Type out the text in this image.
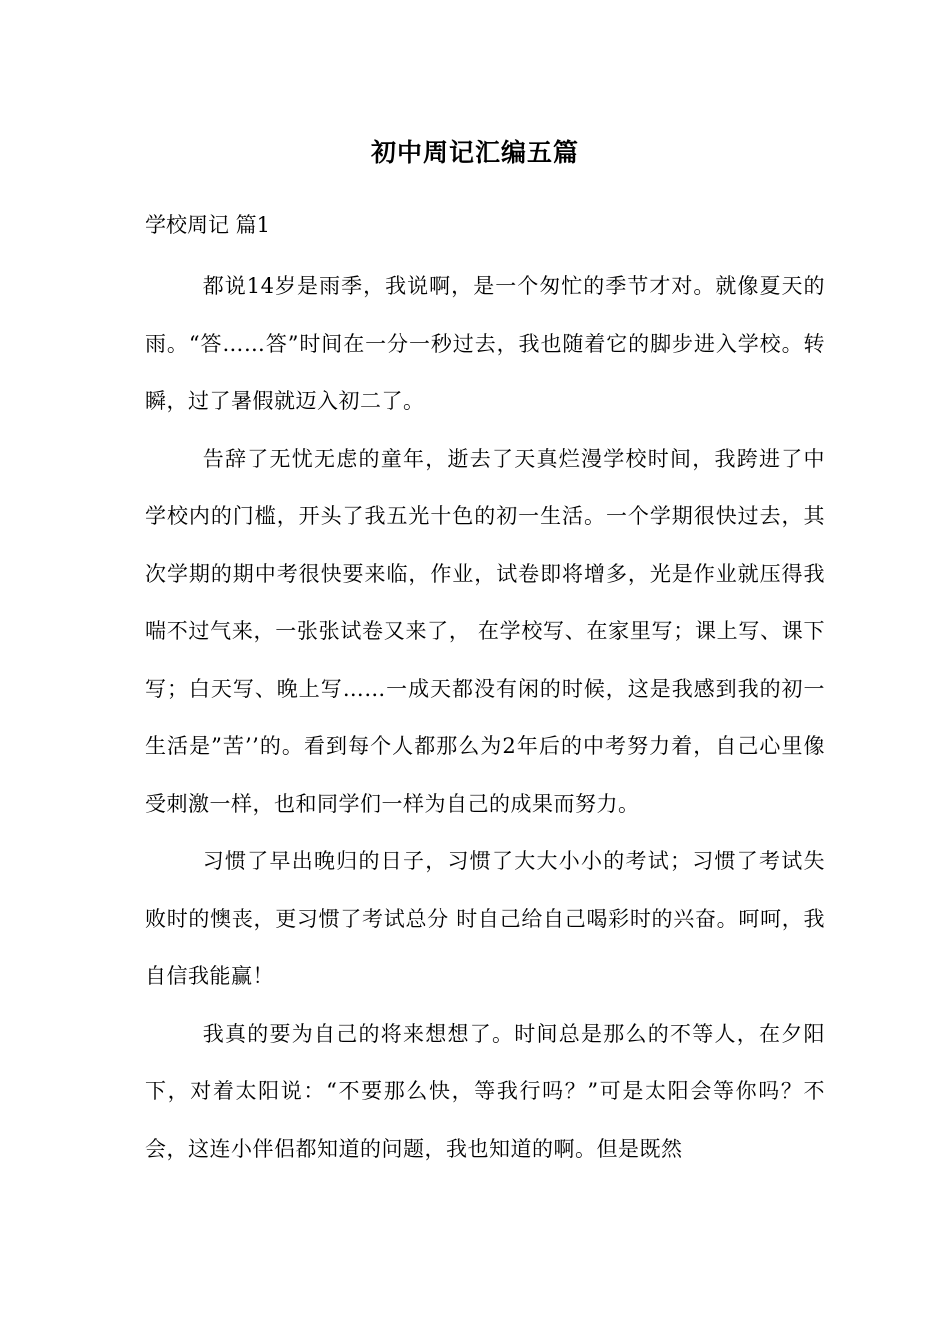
初中周记汇编五篇
学校周记 篇1

都说14岁是雨季，我说啊，是一个匆忙的季节才对。就像夏天的雨。“答……答”时间在一分一秒过去，我也随着它的脚步进入学校。转瞬，过了暑假就迈入初二了。

告辞了无忧无虑的童年，逝去了天真烂漫学校时间，我跨进了中学校内的门槛，开头了我五光十色的初一生活。一个学期很快过去，其次学期的期中考很快要来临，作业，试卷即将增多，光是作业就压得我喘不过气来，一张张试卷又来了， 在学校写、在家里写；课上写、课下写；白天写、晚上写……一成天都没有闲的时候，这是我感到我的初一生活是”苦’’的。看到每个人都那么为2年后的中考努力着，自己心里像受刺激一样，也和同学们一样为自己的成果而努力。

习惯了早出晚归的日子，习惯了大大小小的考试；习惯了考试失败时的懊丧，更习惯了考试总分 时自己给自己喝彩时的兴奋。呵呵，我自信我能赢！

我真的要为自己的将来想想了。时间总是那么的不等人，在夕阳下，对着太阳说：“不要那么快，等我行吗？”可是太阳会等你吗？不会，这连小伴侣都知道的问题，我也知道的啊。但是既然
